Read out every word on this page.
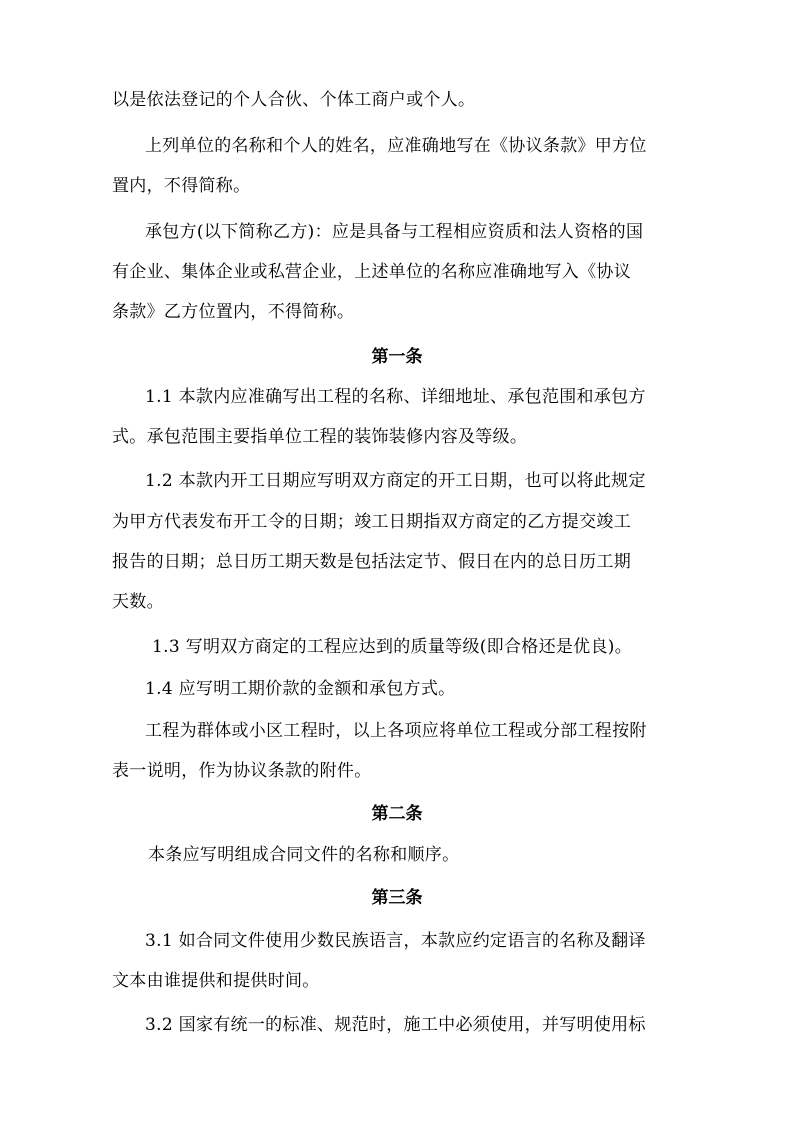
以是依法登记的个人合伙、个体工商户或个人。
上列单位的名称和个人的姓名，应准确地写在《协议条款》甲方位
置内，不得简称。
承包方(以下简称乙方)：应是具备与工程相应资质和法人资格的国
有企业、集体企业或私营企业，上述单位的名称应准确地写入《协议
条款》乙方位置内，不得简称。
第一条
1.1 本款内应准确写出工程的名称、详细地址、承包范围和承包方
式。承包范围主要指单位工程的装饰装修内容及等级。
1.2 本款内开工日期应写明双方商定的开工日期，也可以将此规定
为甲方代表发布开工令的日期；竣工日期指双方商定的乙方提交竣工
报告的日期；总日历工期天数是包括法定节、假日在内的总日历工期
天数。
1.3 写明双方商定的工程应达到的质量等级(即合格还是优良)。
1.4 应写明工期价款的金额和承包方式。
工程为群体或小区工程时，以上各项应将单位工程或分部工程按附
表一说明，作为协议条款的附件。
第二条
本条应写明组成合同文件的名称和顺序。
第三条
3.1 如合同文件使用少数民族语言，本款应约定语言的名称及翻译
文本由谁提供和提供时间。
3.2 国家有统一的标准、规范时，施工中必须使用，并写明使用标
